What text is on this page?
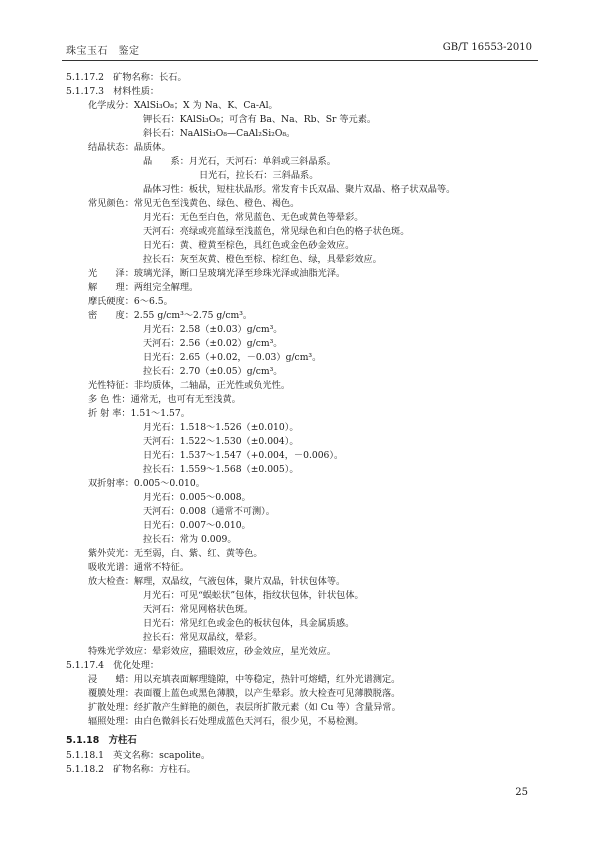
珠宝玉石　鉴定	GB/T 16553-2010
5.1.17.2　矿物名称：长石。
5.1.17.3　材料性质：
化学成分：XAlSi₃O₈；X 为 Na、K、Ca-Al。
钾长石：KAlSi₃O₈；可含有 Ba、Na、Rb、Sr 等元素。
斜长石：NaAlSi₃O₈—CaAl₂Si₂O₈。
结晶状态：晶质体。
晶　　系：月光石，天河石：单斜或三斜晶系。
日光石，拉长石：三斜晶系。
晶体习性：板状，短柱状晶形。常发育卡氏双晶、聚片双晶、格子状双晶等。
常见颜色：常见无色至浅黄色、绿色、橙色、褐色。
月光石：无色至白色，常见蓝色、无色或黄色等晕彩。
天河石：亮绿或亮蓝绿至浅蓝色，常见绿色和白色的格子状色斑。
日光石：黄、橙黄至棕色，具红色或金色砂金效应。
拉长石：灰至灰黄、橙色至棕、棕红色、绿，具晕彩效应。
光　　泽：玻璃光泽，断口呈玻璃光泽至珍珠光泽或油脂光泽。
解　　理：两组完全解理。
摩氏硬度：6～6.5。
密　　度：2.55 g/cm³～2.75 g/cm³。
月光石：2.58（±0.03）g/cm³。
天河石：2.56（±0.02）g/cm³。
日光石：2.65（+0.02，－0.03）g/cm³。
拉长石：2.70（±0.05）g/cm³。
光性特征：非均质体，二轴晶，正光性或负光性。
多 色 性：通常无，也可有无至浅黄。
折 射 率：1.51～1.57。
月光石：1.518～1.526（±0.010）。
天河石：1.522～1.530（±0.004）。
日光石：1.537～1.547（+0.004，－0.006）。
拉长石：1.559～1.568（±0.005）。
双折射率：0.005～0.010。
月光石：0.005～0.008。
天河石：0.008（通常不可测）。
日光石：0.007～0.010。
拉长石：常为 0.009。
紫外荧光：无至弱，白、紫、红、黄等色。
吸收光谱：通常不特征。
放大检查：解理，双晶纹，气液包体，聚片双晶，针状包体等。
月光石：可见“蜈蚣状”包体，指纹状包体，针状包体。
天河石：常见网格状色斑。
日光石：常见红色或金色的板状包体，具金属质感。
拉长石：常见双晶纹，晕彩。
特殊光学效应：晕彩效应，猫眼效应，砂金效应，星光效应。
5.1.17.4　优化处理：
浸　　蜡：用以充填表面解理缝隙，中等稳定，热针可熔蜡，红外光谱测定。
覆膜处理：表面覆上蓝色或黑色薄膜，以产生晕彩。放大检查可见薄膜脱落。
扩散处理：经扩散产生鲜艳的颜色，表层所扩散元素（如 Cu 等）含量异常。
辐照处理：由白色微斜长石处理成蓝色天河石，很少见，不易检测。
5.1.18　方柱石
5.1.18.1　英文名称：scapolite。
5.1.18.2　矿物名称：方柱石。
25
